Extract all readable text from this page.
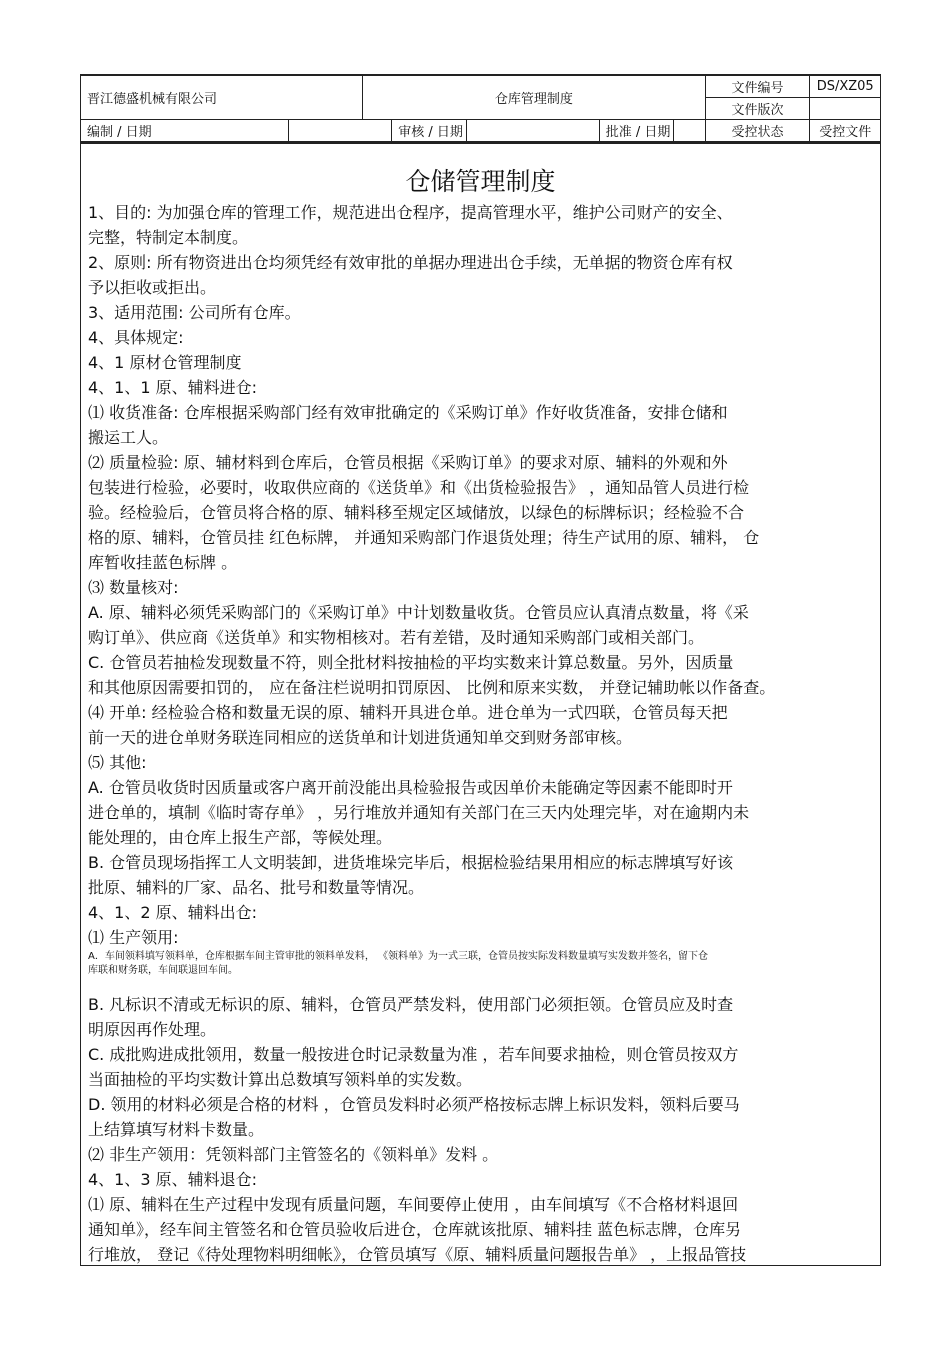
晋江德盛机械有限公司		仓库管理制度					文件编号	DS/XZ05
							文件版次	
编制 / 日期			审核 / 日期		批准 / 日期		受控状态	受控文件
仓储管理制度

1、目的: 为加强仓库的管理工作，规范进出仓程序，提高管理水平，维护公司财产的安全、

完整，特制定本制度。

2、原则: 所有物资进出仓均须凭经有效审批的单据办理进出仓手续，无单据的物资仓库有权

予以拒收或拒出。

3、适用范围: 公司所有仓库。

4、具体规定:

4、1 原材仓管理制度

4、1、1 原、辅料进仓:

⑴ 收货准备: 仓库根据采购部门经有效审批确定的《采购订单》作好收货准备，安排仓储和

搬运工人。

⑵ 质量检验: 原、辅材料到仓库后，仓管员根据《采购订单》的要求对原、辅料的外观和外

包装进行检验，必要时，收取供应商的《送货单》和《出货检验报告》 ，通知品管人员进行检

验。经检验后，仓管员将合格的原、辅料移至规定区域储放，以绿色的标牌标识；经检验不合

格的原、辅料，仓管员挂 红色标牌， 并通知采购部门作退货处理；待生产试用的原、辅料， 仓

库暂收挂蓝色标牌 。

⑶ 数量核对:

A. 原、辅料必须凭采购部门的《采购订单》中计划数量收货。仓管员应认真清点数量，将《采

购订单》、供应商《送货单》和实物相核对。若有差错，及时通知采购部门或相关部门。

C. 仓管员若抽检发现数量不符，则全批材料按抽检的平均实数来计算总数量。另外，因质量

和其他原因需要扣罚的， 应在备注栏说明扣罚原因、 比例和原来实数， 并登记辅助帐以作备查。

⑷ 开单: 经检验合格和数量无误的原、辅料开具进仓单。进仓单为一式四联，仓管员每天把

前一天的进仓单财务联连同相应的送货单和计划进货通知单交到财务部审核。

⑸ 其他:

A. 仓管员收货时因质量或客户离开前没能出具检验报告或因单价未能确定等因素不能即时开

进仓单的，填制《临时寄存单》 ，另行堆放并通知有关部门在三天内处理完毕，对在逾期内未

能处理的，由仓库上报生产部，等候处理。

B. 仓管员现场指挥工人文明装卸，进货堆垛完毕后，根据检验结果用相应的标志牌填写好该

批原、辅料的厂家、品名、批号和数量等情况。

4、1、2 原、辅料出仓:

⑴ 生产领用:

A．车间领料填写领料单，仓库根据车间主管审批的领料单发料， 《领料单》为一式三联，仓管员按实际发料数量填写实发数并签名，留下仓

库联和财务联，车间联退回车间。

B. 凡标识不清或无标识的原、辅料，仓管员严禁发料，使用部门必须拒领。仓管员应及时查

明原因再作处理。

C. 成批购进成批领用，数量一般按进仓时记录数量为准 ，若车间要求抽检，则仓管员按双方

当面抽检的平均实数计算出总数填写领料单的实发数。

D. 领用的材料必须是合格的材料 ，仓管员发料时必须严格按标志牌上标识发料，领料后要马

上结算填写材料卡数量。

⑵ 非生产领用：凭领料部门主管签名的《领料单》发料 。

4、1、3 原、辅料退仓:

⑴ 原、辅料在生产过程中发现有质量问题，车间要停止使用 ，由车间填写《不合格材料退回

通知单》，经车间主管签名和仓管员验收后进仓，仓库就该批原、辅料挂 蓝色标志牌，仓库另

行堆放， 登记《待处理物料明细帐》，仓管员填写《原、辅料质量问题报告单》 ，上报品管技
